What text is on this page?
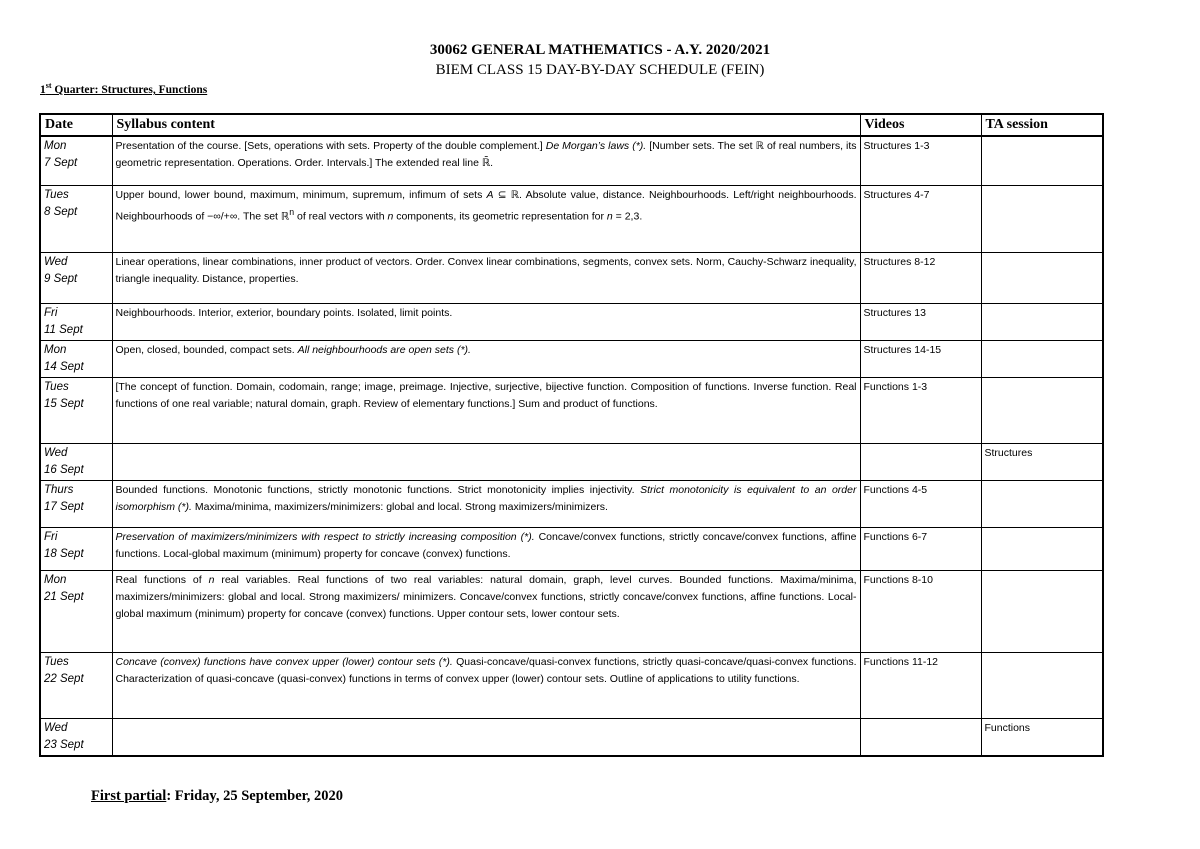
30062 GENERAL MATHEMATICS - A.Y. 2020/2021
BIEM CLASS 15 DAY-BY-DAY SCHEDULE (FEIN)
1st Quarter: Structures, Functions
Date	Syllabus content	Videos	TA session

Mon
7 Sept	Presentation of the course. [Sets, operations with sets. Property of the double complement.] De Morgan’s laws (*). [Number sets. The set ℝ of real numbers, its geometric representation. Operations. Order. Intervals.] The extended real line ℝ̄.	Structures 1-3	

Tues
8 Sept	Upper bound, lower bound, maximum, minimum, supremum, infimum of sets A ⊆ ℝ. Absolute value, distance. Neighbourhoods. Left/right neighbourhoods. Neighbourhoods of −∞/+∞. The set ℝ$^n$ of real vectors with n components, its geometric representation for n = 2,3.	Structures 4-7	

Wed
9 Sept	Linear operations, linear combinations, inner product of vectors. Order. Convex linear combinations, segments, convex sets. Norm, Cauchy-Schwarz inequality, triangle inequality. Distance, properties.	Structures 8-12	

Fri
11 Sept	Neighbourhoods. Interior, exterior, boundary points. Isolated, limit points.	Structures 13	

Mon
14 Sept	Open, closed, bounded, compact sets. All neighbourhoods are open sets (*).	Structures 14-15	

Tues
15 Sept	[The concept of function. Domain, codomain, range; image, preimage. Injective, surjective, bijective function. Composition of functions. Inverse function. Real functions of one real variable; natural domain, graph. Review of elementary functions.] Sum and product of functions.	Functions 1-3	

Wed
16 Sept			Structures

Thurs
17 Sept	Bounded functions. Monotonic functions, strictly monotonic functions. Strict monotonicity implies injectivity. Strict monotonicity is equivalent to an order isomorphism (*). Maxima/minima, maximizers/minimizers: global and local. Strong maximizers/minimizers.	Functions 4-5	

Fri
18 Sept	Preservation of maximizers/minimizers with respect to strictly increasing composition (*). Concave/convex functions, strictly concave/convex functions, affine functions. Local-global maximum (minimum) property for concave (convex) functions.	Functions 6-7	

Mon
21 Sept	Real functions of n real variables. Real functions of two real variables: natural domain, graph, level curves. Bounded functions. Maxima/minima, maximizers/minimizers: global and local. Strong maximizers/ minimizers. Concave/convex functions, strictly concave/convex functions, affine functions. Local-global maximum (minimum) property for concave (convex) functions. Upper contour sets, lower contour sets.	Functions 8-10	

Tues
22 Sept	Concave (convex) functions have convex upper (lower) contour sets (*). Quasi-concave/quasi-convex functions, strictly quasi-concave/quasi-convex functions. Characterization of quasi-concave (quasi-convex) functions in terms of convex upper (lower) contour sets. Outline of applications to utility functions.	Functions 11-12	

Wed
23 Sept			Functions
First partial: Friday, 25 September, 2020
